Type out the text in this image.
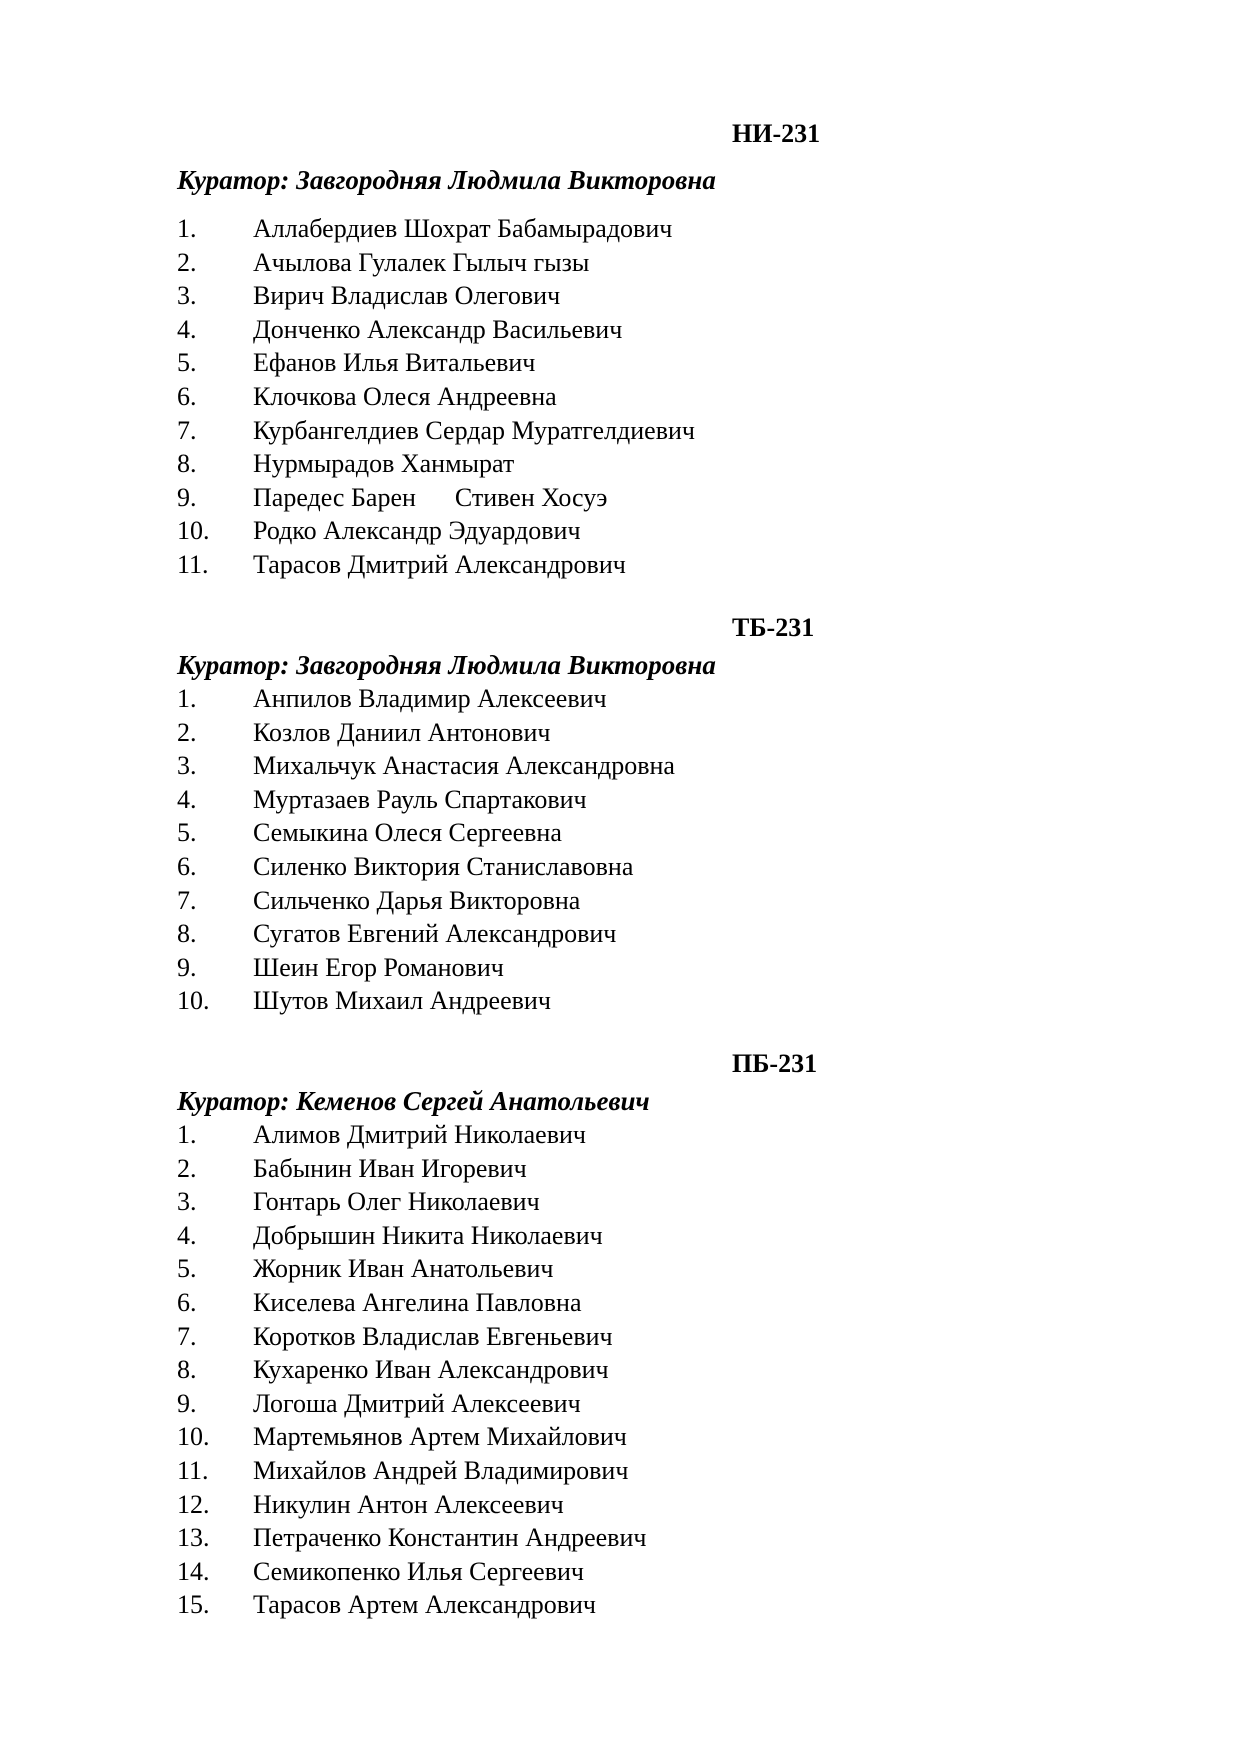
НИ-231
Куратор: Завгородняя Людмила Викторовна
1.	Аллабердиев Шохрат Бабамырадович
2.	Ачылова Гулалек Гылыч гызы
3.	Вирич Владислав Олегович
4.	Донченко Александр Васильевич
5.	Ефанов Илья Витальевич
6.	Клочкова Олеся Андреевна
7.	Курбангелдиев Сердар Муратгелдиевич
8.	Нурмырадов Ханмырат
9.	Паредес Барен      Стивен Хосуэ
10.	Родко Александр Эдуардович
11.	Тарасов Дмитрий Александрович
ТБ-231
Куратор: Завгородняя Людмила Викторовна
1.	Анпилов Владимир Алексеевич
2.	Козлов Даниил Антонович
3.	Михальчук Анастасия Александровна
4.	Муртазаев Рауль Спартакович
5.	Семыкина Олеся Сергеевна
6.	Силенко Виктория Станиславовна
7.	Сильченко Дарья Викторовна
8.	Сугатов Евгений Александрович
9.	Шеин Егор Романович
10.	Шутов Михаил Андреевич
ПБ-231
Куратор: Кеменов Сергей Анатольевич
1.	Алимов Дмитрий Николаевич
2.	Бабынин Иван Игоревич
3.	Гонтарь Олег Николаевич
4.	Добрышин Никита Николаевич
5.	Жорник Иван Анатольевич
6.	Киселева Ангелина Павловна
7.	Коротков Владислав Евгеньевич
8.	Кухаренко Иван Александрович
9.	Логоша Дмитрий Алексеевич
10.	Мартемьянов Артем Михайлович
11.	Михайлов Андрей Владимирович
12.	Никулин Антон Алексеевич
13.	Петраченко Константин Андреевич
14.	Семикопенко Илья Сергеевич
15.	Тарасов Артем Александрович
